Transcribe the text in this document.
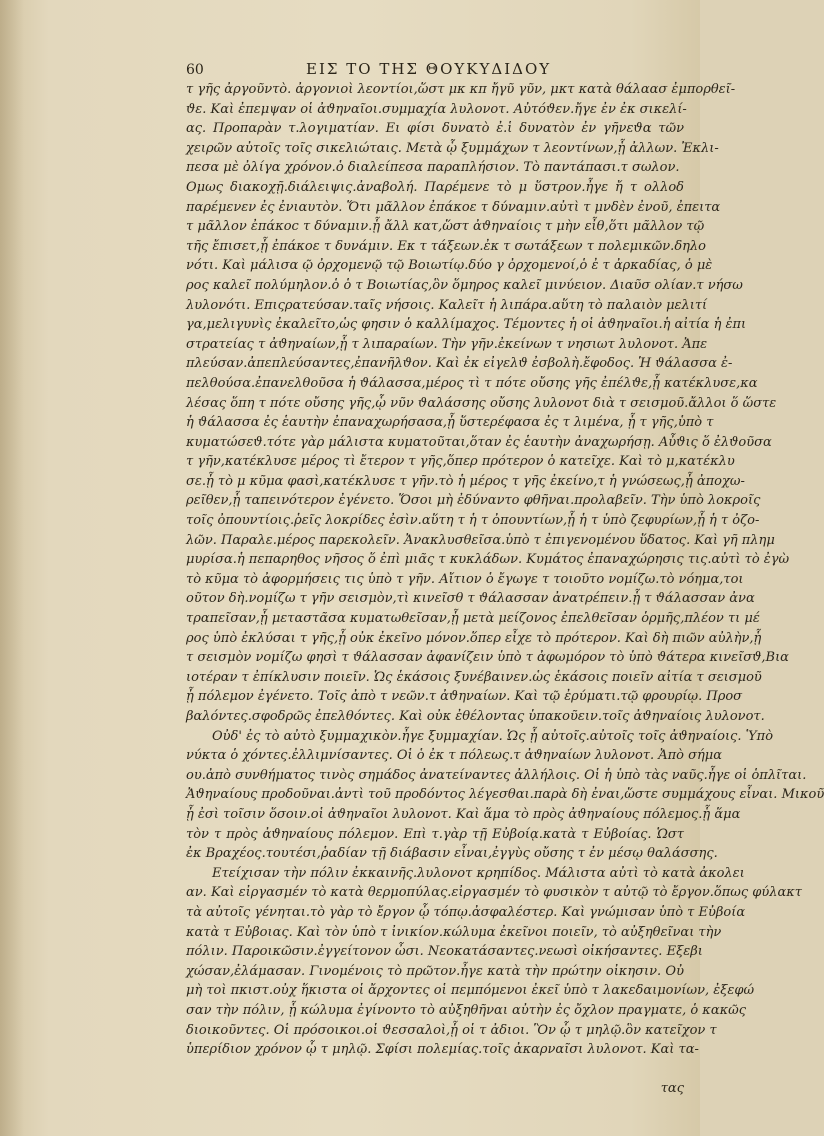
60	ΕΙΣ ΤΟ ΤΗΣ ΘΟΥΚΥΔΙΔΟΥ
τ γῆς ἀργοῦντὸ. ἀργονιοὶ λεοντίοι,ὥστ μκ κπ ἤγῦ γῦν, μκτ κατὰ θάλαασ ἐμπορθεῖ-
ϑε. Καὶ ἐπεμψαν οἱ ἀϑηναῖοι.συμμαχία λυλονοτ. Αὐτόϑεν.ἤγε ἐν ἐκ σικελί-
ας. Προπαρὰν τ.λογιματίαν. Ει φίσι δυνατὸ ἐ.ἱ δυνατὸν ἐν γῆνεϑα τῶν
χειρῶν αὐτοῖς τοῖς σικελιώταις. Μετὰ ᾧ ξυμμάχων τ λεοντίνων,ᾗ ἀλλων. Ἐκλι-
πεσα μὲ ὀλίγα χρόνον.ὁ διαλείπεσα παραπλήσιον. Τὸ παντάπασι.τ σωλον.
Ομως διακοχῇ.διάλειψις.ἀναβολή. Παρέμενε τὸ μ ὕστρον.ἦγε ἤ τ ολλοδ
παρέμενεν ἐς ἐνιαυτὸν. Ὅτι μᾶλλον ἐπάκοε τ δύναμιν.αὐτὶ τ μνδὲν ἐνοῦ, ἐπειτα
τ μᾶλλον ἐπάκοϲ τ δύναμιν.ᾗ ἄλλ κατ,ὥστ ἀϑηναίοις τ μὴν εἶθ,ὅτι μᾶλλον τῷ
τῆς ἔπισετ,ᾗ ἐπάκοε τ δυνάμιν. Εκ τ τάξεων.ἐκ τ σωτάξεων τ πολεμικῶν.δηλο
νότι. Καὶ μάλισα ῷ ὀρχομενῷ τῷ Βοιωτίῳ.δύο γ ὀρχομενοί,ὁ ἐ τ ἀρκαδίας, ὁ μὲ
ρος καλεῖ πολύμηλον.ὁ ὁ τ Βοιωτίας,ὃν ὅμηρος καλεῖ μινύειον. Διαῦσ ολίαν.τ νήσω
λυλονότι. Επιςρατεύσαν.ταῖς νήσοις. Καλεῖτ ἡ λιπάρα.αὕτη τὸ παλαιὸν μελιτί
γα,μελιγυνὶς ἐκαλεῖτο,ὡς φησιν ὁ καλλίμαχος. Τέμοντες ἡ οἱ ἀϑηναῖοι.ἡ αἰτία ἡ ἐπι
στρατείας τ ἀϑηναίων,ᾗ τ λιπαραίων. Τὴν γῆν.ἐκείνων τ νησιωτ λυλονοτ. Ἀπε
πλεύσαν.ἀπεπλεύσαντες,ἐπανῆλϑον. Καὶ ἐκ εἰγελϑ ἐσβολὴ.ἔφοδος. Ἡ ϑάλασσα ἐ-
πελθούσα.ἐπανελθοῦσα ἡ ϑάλασσα,μέρος τὶ τ πότε οὔσης γῆς ἐπέλϑε,ᾗ κατέκλυσε,κα
λέσας ὅπη τ πότε οὔσης γῆς,ᾧ νῦν ϑαλάσσης οὔσης λυλονοτ διὰ τ σεισμοῦ.ἄλλοι ὅ ὥστε
ἡ ϑάλασσα ἐς ἑαυτὴν ἐπαναχωρήσασα,ᾗ ὕστερέφασα ἐς τ λιμένα, ᾗ τ γῆς,ὑπὸ τ
κυματώσεϑ.τότε γὰρ μάλιστα κυματοῦται,ὅταν ἐς ἑαυτὴν ἀναχωρήσῃ. Αὖϑις ὅ ἐλϑοῦσα
τ γῆν,κατέκλυσε μέρος τὶ ἔτερον τ γῆς,ὅπερ πρότερον ὁ κατεῖχε. Καὶ τὸ μ,κατέκλυ
σε.ᾗ τὸ μ κῦμα φασὶ,κατέκλυσε τ γῆν.τὸ ἡ μέρος τ γῆς ἐκείνο,τ ἡ γνώσεως,ᾗ ἀποχω-
ρεῖθεν,ᾗ ταπεινότερον ἐγένετο. Ὅσοι μὴ ἐδύναντο φθῆναι.προλαβεῖν. Τὴν ὑπὸ λοκροῖς
τοῖς ὀπουντίοις.ῥεῖς λοκρίδες ἐσὶν.αὕτη τ ἡ τ ὀπουντίων,ᾗ ἡ τ ὑπὸ ζεφυρίων,ᾗ ἡ τ ὀζο-
λῶν. Παραλε.μέρος παρεκολεῖν. Ἀνακλυσθεῖσα.ὑπὸ τ ἐπιγενομένου ὕδατος. Καὶ γῆ πλημ
μυρίσα.ἡ πεπαρηθος νῆσος ὅ ἐπὶ μιᾶς τ κυκλάδων. Κυμάτος ἐπαναχώρησις τις.αὐτὶ τὸ ἐγὼ
τὸ κῦμα τὸ ἀφορμήσεις τις ὑπὸ τ γῆν. Αἴτιον ὁ ἔγωγε τ τοιοῦτο νομίζω.τὸ νόημα,τοι
οῦτον δὴ.νομίζω τ γῆν σεισμὸν,τὶ κινεῖσθ τ ϑάλασσαν ἀνατρέπειν.ᾗ τ ϑάλασσαν ἀνα
τραπεῖσαν,ᾗ μεταστᾶσα κυματωθεῖσαν,ᾗ μετὰ μείζονος ἐπελθεῖσαν ὁρμῆς,πλέον τι μέ
ρος ὑπὸ ἐκλύσαι τ γῆς,ᾗ οὐκ ἐκεῖνο μόνον.ὅπερ εἶχε τὸ πρότερον. Καὶ δὴ πιῶν αὐλὴν,ᾗ
τ σεισμὸν νομίζω φησὶ τ ϑάλασσαν ἀφανίζειν ὑπὸ τ ἀφωμόρον τὸ ὑπὸ ϑάτερα κινεῖσϑ,Βια
ιοτέραν τ ἐπίκλυσιν ποιεῖν. Ὡς ἑκάσοις ξυνέβαινεν.ὡς ἑκάσοις ποιεῖν αἰτία τ σεισμοῦ
ᾗ πόλεμον ἐγένετο. Τοῖς ἀπὸ τ νεῶν.τ ἀϑηναίων. Καὶ τῷ ἐρύματι.τῷ φρουρίῳ. Προσ
βαλόντες.σφοδρῶς ἐπελθόντες. Καὶ οὐκ ἐθέλοντας ὑπακοῦειν.τοῖς ἀϑηναίοις λυλονοτ.
Οὐδ' ἐς τὸ αὐτὸ ξυμμαχικὸν.ἦγε ξυμμαχίαν. Ὡς ᾗ αὐτοῖς.αὐτοῖς τοῖς ἀϑηναίοις. Ὑπὸ
νύκτα ὁ χόντες.ἐλλιμνίσαντες. Οἱ ὁ ἐκ τ πόλεως.τ ἀϑηναίων λυλονοτ. Ἀπὸ σήμα
ου.ἀπὸ συνθήματος τινὸς σημάδος ἀνατείναντες ἀλλήλοις. Οἱ ἡ ὑπὸ τὰς ναῦς.ἦγε οἱ ὁπλῖται.
Ἀϑηναίους προδοῦναι.ἀντὶ τοῦ προδόντος λέγεσθαι.παρὰ δὴ ἐναι,ὥστε συμμάχους εἶναι. Μικοῦ
ᾗ ἐσὶ τοῖσιν ὅσοιν.οἱ ἀϑηναῖοι λυλονοτ. Καὶ ἅμα τὸ πρὸς ἀϑηναίους πόλεμος.ᾗ ἅμα
τὸν τ πρὸς ἀϑηναίους πόλεμον. Επὶ τ.γὰρ τῇ Εὐβοίᾳ.κατὰ τ Εὐβοίας. Ὡστ
ἐκ Βραχέος.τουτέσι,ῥαδίαν τῇ διάβασιν εἶναι,ἐγγὺς οὔσης τ ἐν μέσῳ θαλάσσης.
Ετείχισαν τὴν πόλιν ἐκκαινῆς.λυλονοτ κρηπίδος. Μάλιστα αὐτὶ τὸ κατὰ ἀκολει
αν. Καὶ εἰργασμέν τὸ κατὰ θερμοπύλας.εἰργασμέν τὸ φυσικὸν τ αὐτῷ τὸ ἔργον.ὅπως φύλακτ
τὰ αὐτοῖς γένηται.τὸ γὰρ τὸ ἔργον ᾧ τόπῳ.ἀσφαλέστερ. Καὶ γνώμισαν ὑπὸ τ Εὐβοία
κατὰ τ Εὐβοιας. Καὶ τὸν ὑπὸ τ ἰνικίον.κώλυμα ἐκεῖνοι ποιεῖν, τὸ αὐξηθεῖναι τὴν
πόλιν. Παροικῶσιν.ἐγγείτονον ὦσι. Νεοκατάσαντες.νεωσὶ οἰκήσαντες. Εξεβι
χώσαν,ἐλάμασαν. Γινομένοις τὸ πρῶτον.ἦγε κατὰ τὴν πρώτην οἰκησιν. Οὐ
μὴ τοὶ πκιστ.οὐχ ἥκιστα οἱ ἄρχοντες οἱ πεμπόμενοι ἐκεῖ ὑπὸ τ λακεδαιμονίων, ἐξεφώ
σαν τὴν πόλιν, ᾗ κώλυμα ἐγίνοντο τὸ αὐξηθῆναι αὐτὴν ἐς ὄχλον πραγματε, ὁ κακῶς
διοικοῦντες. Οἱ πρόσοικοι.οἱ ϑεσσαλοὶ,ᾗ οἱ τ ἀδιοι. Ὃν ᾧ τ μηλῷ.ὃν κατεῖχον τ
ὑπερίδιον χρόνον ᾧ τ μηλῷ. Σφίσι πολεμίας.τοῖς ἀκαρναῖσι λυλονοτ. Καὶ τα-
τας
